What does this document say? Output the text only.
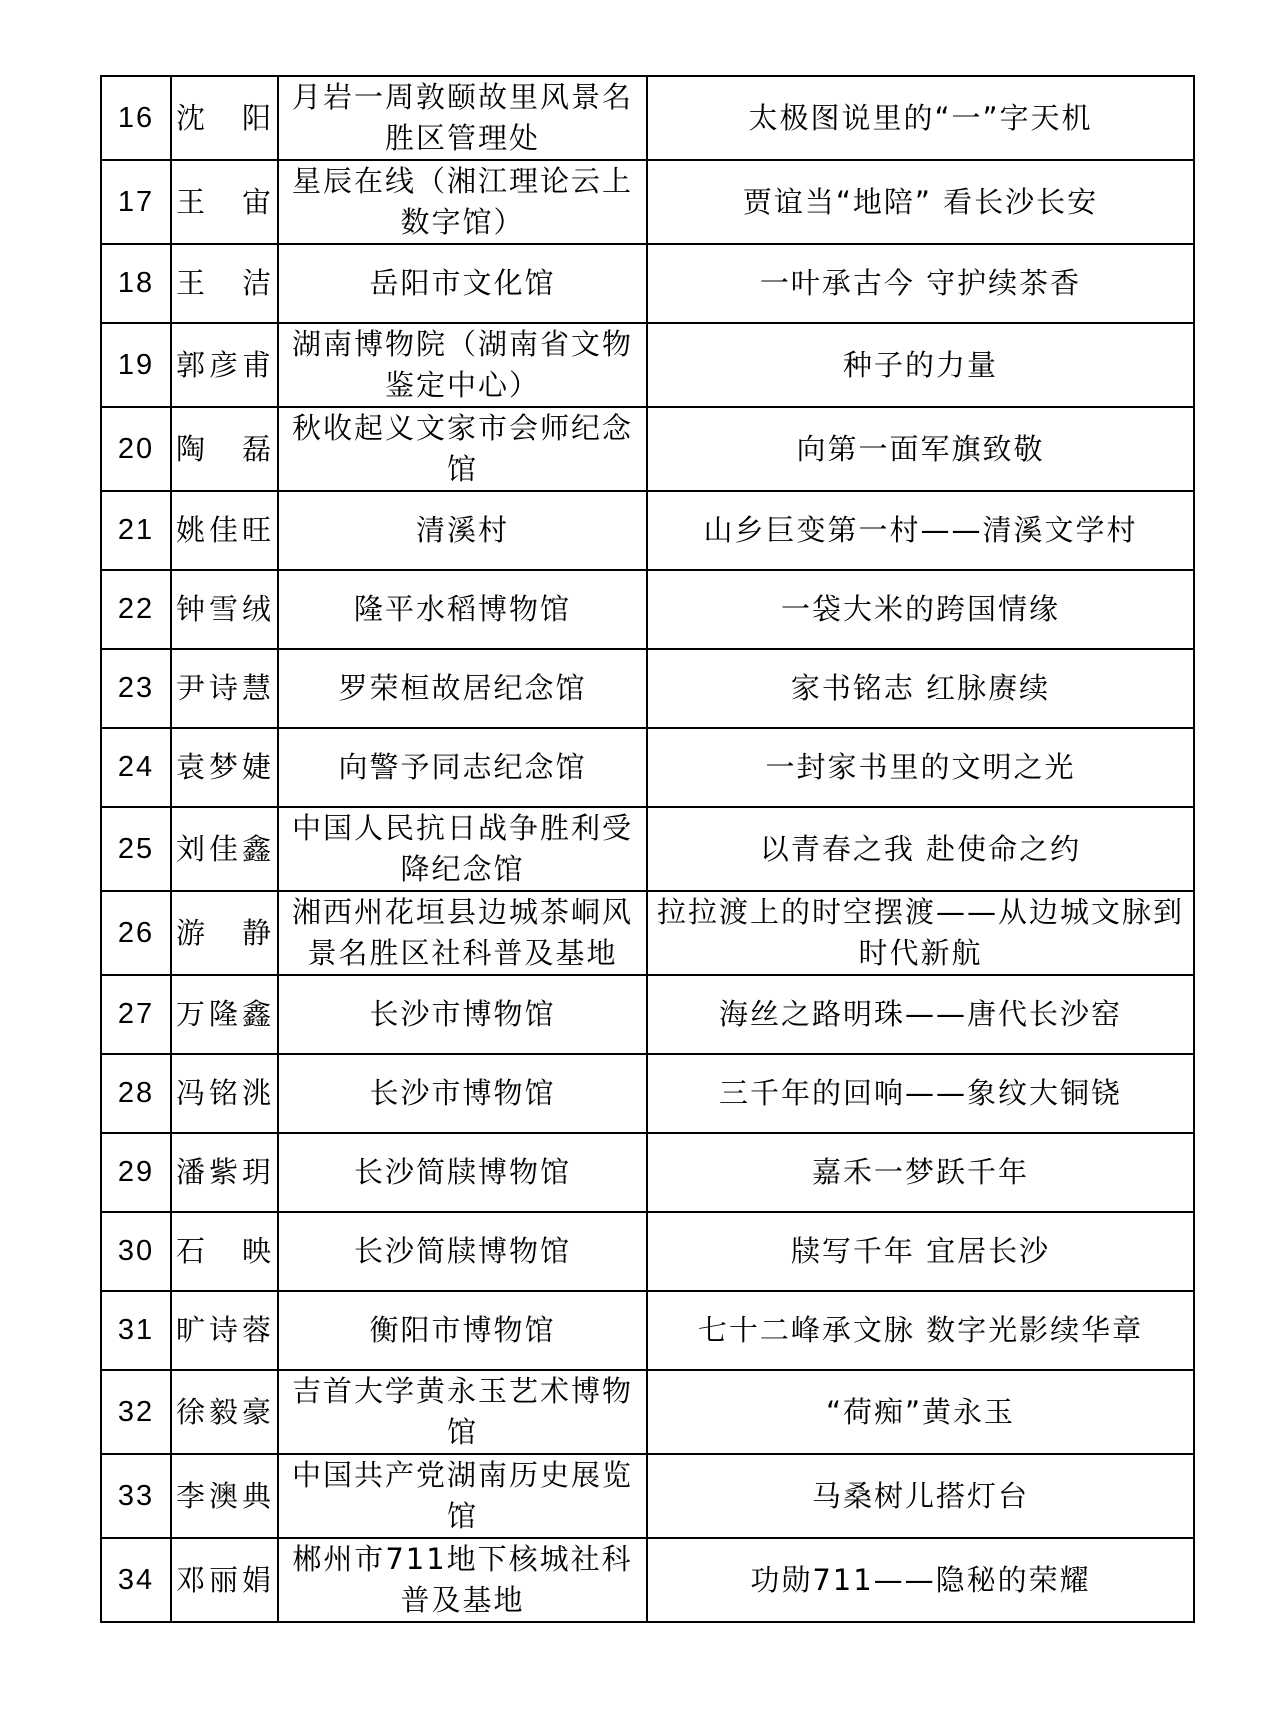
16	沈　阳	月岩一周敦颐故里风景名胜区管理处	太极图说里的“一”字天机
17	王　宙	星辰在线（湘江理论云上数字馆）	贾谊当“地陪” 看长沙长安
18	王　洁	岳阳市文化馆	一叶承古今 守护续茶香
19	郭彦甫	湖南博物院（湖南省文物鉴定中心）	种子的力量
20	陶　磊	秋收起义文家市会师纪念馆	向第一面军旗致敬
21	姚佳旺	清溪村	山乡巨变第一村——清溪文学村
22	钟雪绒	隆平水稻博物馆	一袋大米的跨国情缘
23	尹诗慧	罗荣桓故居纪念馆	家书铭志 红脉赓续
24	袁梦婕	向警予同志纪念馆	一封家书里的文明之光
25	刘佳鑫	中国人民抗日战争胜利受降纪念馆	以青春之我 赴使命之约
26	游　静	湘西州花垣县边城茶峒风景名胜区社科普及基地	拉拉渡上的时空摆渡——从边城文脉到时代新航
27	万隆鑫	长沙市博物馆	海丝之路明珠——唐代长沙窑
28	冯铭洮	长沙市博物馆	三千年的回响——象纹大铜铙
29	潘紫玥	长沙简牍博物馆	嘉禾一梦跃千年
30	石　映	长沙简牍博物馆	牍写千年 宜居长沙
31	旷诗蓉	衡阳市博物馆	七十二峰承文脉 数字光影续华章
32	徐毅豪	吉首大学黄永玉艺术博物馆	“荷痴”黄永玉
33	李澳典	中国共产党湖南历史展览馆	马桑树儿搭灯台
34	邓丽娟	郴州市711地下核城社科普及基地	功勋711——隐秘的荣耀
